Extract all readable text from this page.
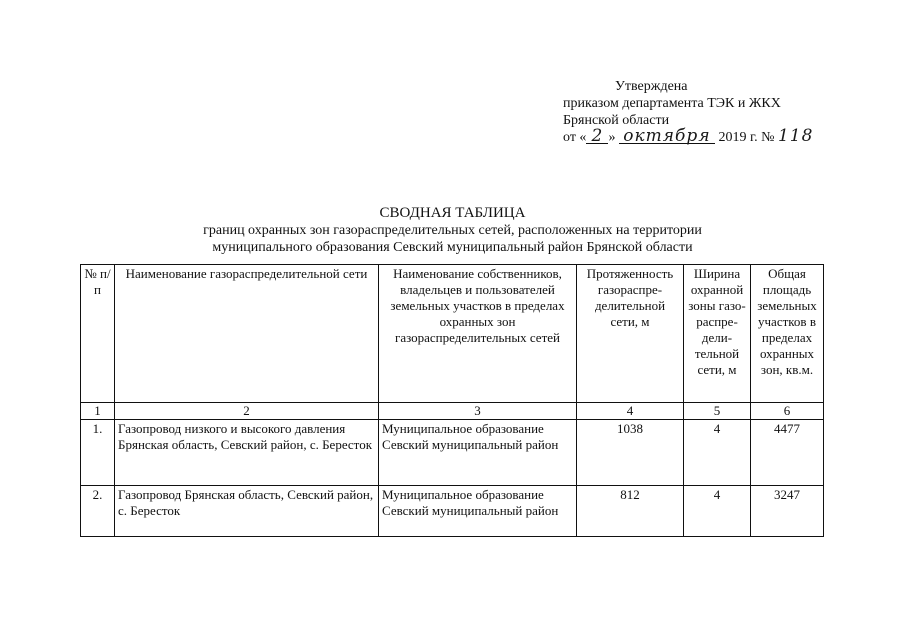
Утверждена
приказом департамента ТЭК и ЖКХ
Брянской области
от « 2 » октября 2019 г. № 118
СВОДНАЯ ТАБЛИЦА
границ охранных зон газораспределительных сетей, расположенных на территории
муниципального образования Севский муниципальный район Брянской области
№ п/п	Наименование газораспределительной сети	Наименование собственников, владельцев и пользователей земельных участков в пределах охранных зон газораспределительных сетей	Протяженность газораспре-делительной сети, м	Ширина охранной зоны газо-распре-дели-тельной сети, м	Общая площадь земельных участков в пределах охранных зон, кв.м.
1	2	3	4	5	6
1.	Газопровод низкого и высокого давления Брянская область, Севский район, с. Бересток	Муниципальное образование Севский муниципальный район	1038	4	4477
2.	Газопровод Брянская область, Севский район, с. Бересток	Муниципальное образование Севский муниципальный район	812	4	3247
